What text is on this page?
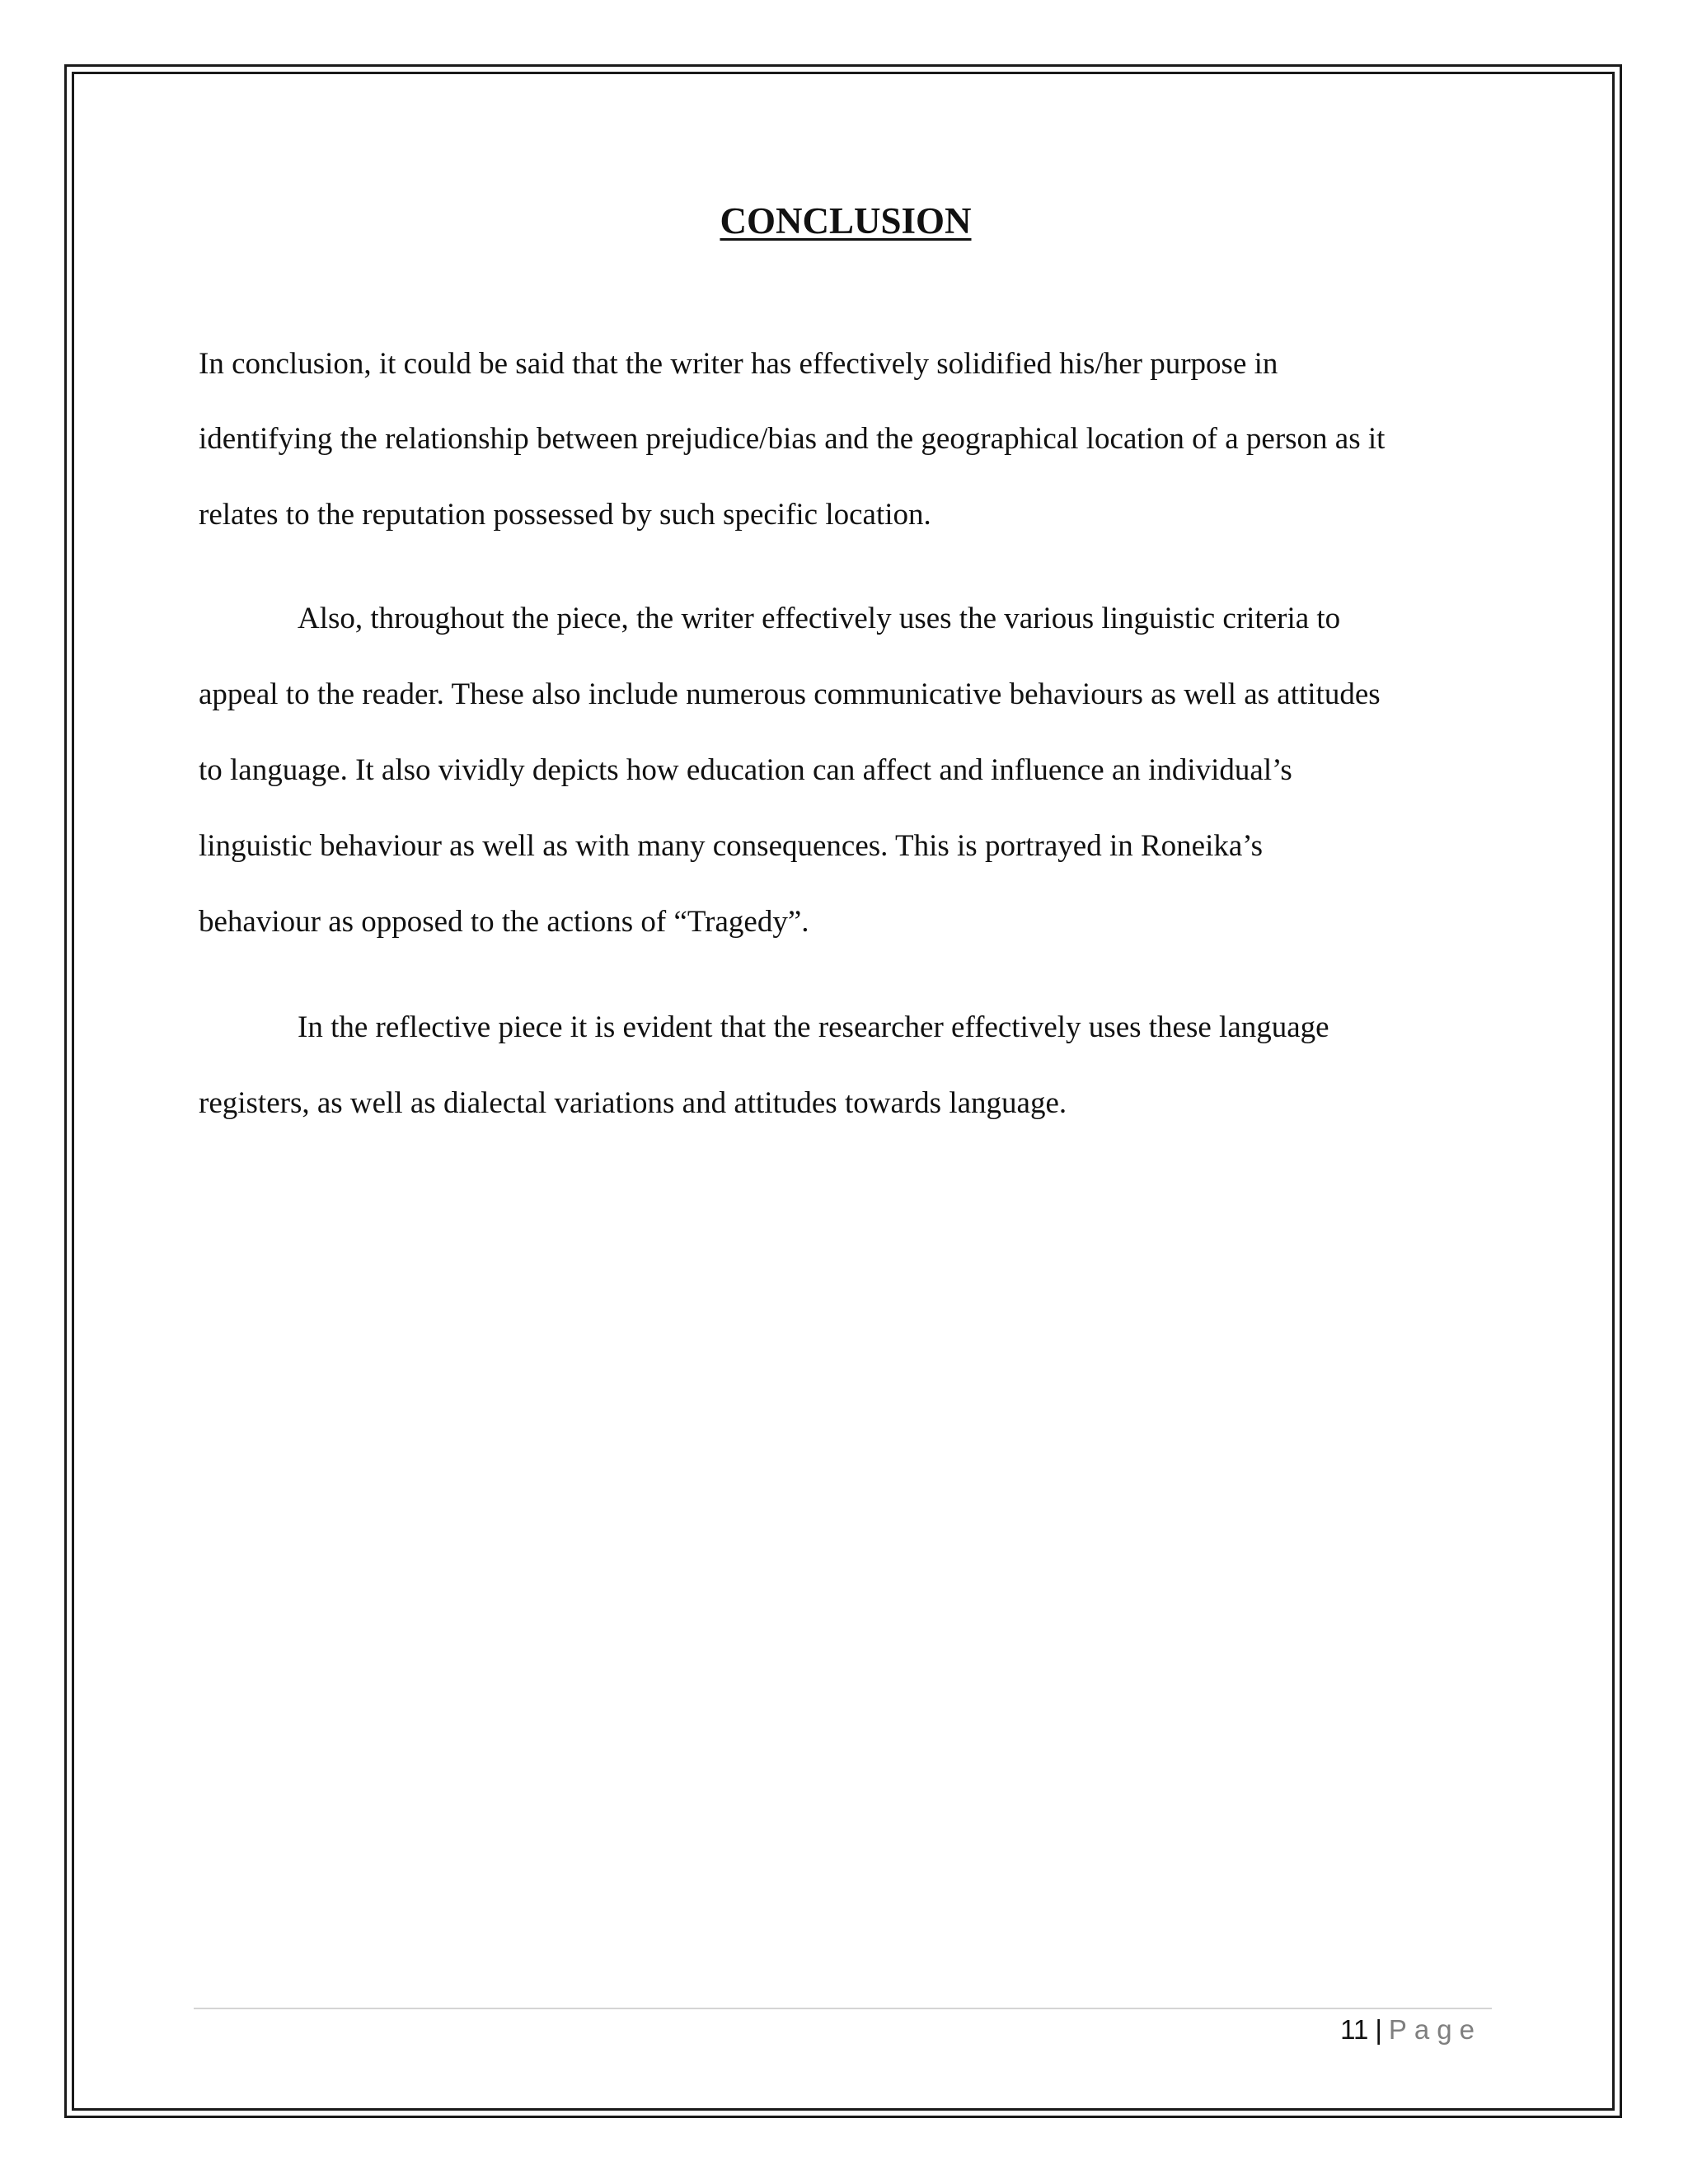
CONCLUSION

In conclusion, it could be said that the writer has effectively solidified his/her purpose in

identifying the relationship between prejudice/bias and the geographical location of a person as it

relates to the reputation possessed by such specific location.

Also, throughout the piece, the writer effectively uses the various linguistic criteria to

appeal to the reader. These also include numerous communicative behaviours as well as attitudes

to language. It also vividly depicts how education can affect and influence an individual’s

linguistic behaviour as well as with many consequences. This is portrayed in Roneika’s

behaviour as opposed to the actions of “Tragedy”.

In the reflective piece it is evident that the researcher effectively uses these language

registers, as well as dialectal variations and attitudes towards language.

11 | Page
